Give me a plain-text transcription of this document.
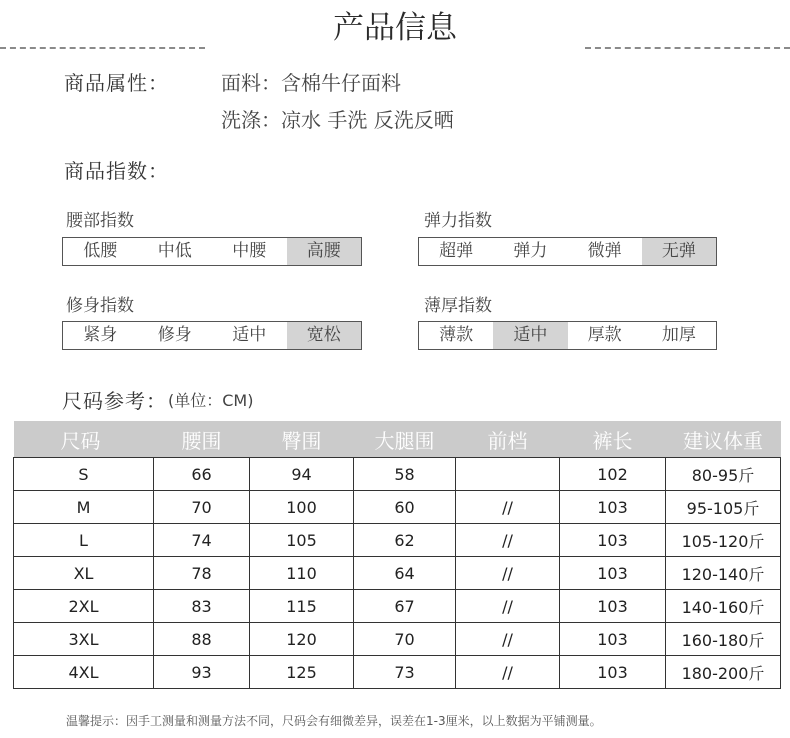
产品信息
商品属性：	面料：含棉牛仔面料
洗涤：凉水 手洗 反洗反晒
商品指数：
腰部指数
低腰	中低	中腰	高腰
弹力指数
超弹	弹力	微弹	无弹
修身指数
紧身	修身	适中	宽松
薄厚指数
薄款	适中	厚款	加厚
尺码参考： (单位：CM)
尺码	腰围	臀围	大腿围	前档	裤长	建议体重
S	66	94	58		102	80-95斤
M	70	100	60	//	103	95-105斤
L	74	105	62	//	103	105-120斤
XL	78	110	64	//	103	120-140斤
2XL	83	115	67	//	103	140-160斤
3XL	88	120	70	//	103	160-180斤
4XL	93	125	73	//	103	180-200斤
温馨提示：因手工测量和测量方法不同，尺码会有细微差异，误差在1-3厘米，以上数据为平铺测量。
